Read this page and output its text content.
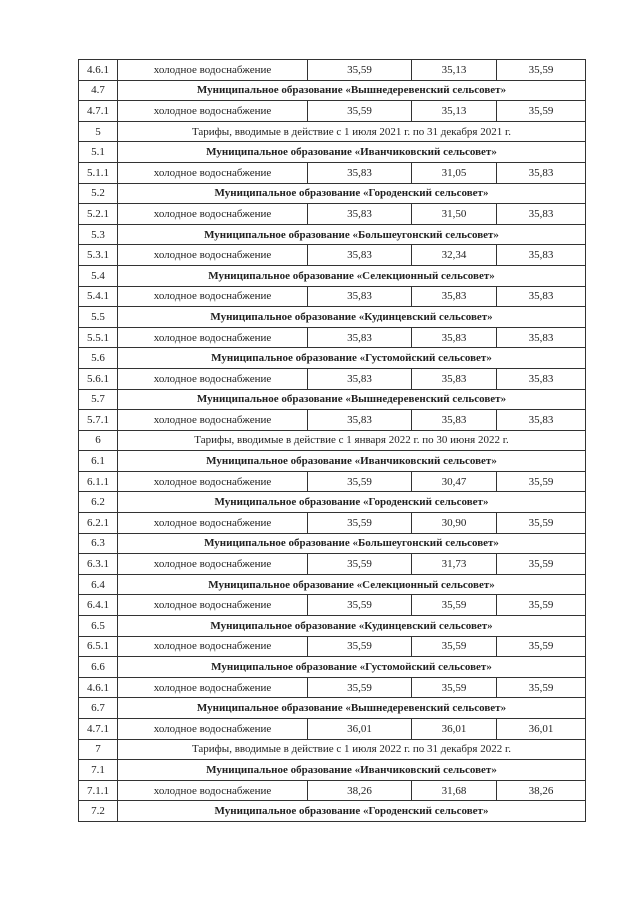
4.6.1	холодное водоснабжение	35,59	35,13	35,59
4.7	Муниципальное образование «Вышнедеревенский сельсовет»			
4.7.1	холодное водоснабжение	35,59	35,13	35,59
5	Тарифы, вводимые в действие с 1 июля 2021 г. по 31 декабря 2021 г.			
5.1	Муниципальное образование «Иванчиковский сельсовет»			
5.1.1	холодное водоснабжение	35,83	31,05	35,83
5.2	Муниципальное образование «Городенский сельсовет»			
5.2.1	холодное водоснабжение	35,83	31,50	35,83
5.3	Муниципальное образование «Большеугонский сельсовет»			
5.3.1	холодное водоснабжение	35,83	32,34	35,83
5.4	Муниципальное образование «Селекционный сельсовет»			
5.4.1	холодное водоснабжение	35,83	35,83	35,83
5.5	Муниципальное образование «Кудинцевский сельсовет»			
5.5.1	холодное водоснабжение	35,83	35,83	35,83
5.6	Муниципальное образование «Густомойский сельсовет»			
5.6.1	холодное водоснабжение	35,83	35,83	35,83
5.7	Муниципальное образование «Вышнедеревенский сельсовет»			
5.7.1	холодное водоснабжение	35,83	35,83	35,83
6	Тарифы, вводимые в действие с 1 января 2022 г. по 30 июня 2022 г.			
6.1	Муниципальное образование «Иванчиковский сельсовет»			
6.1.1	холодное водоснабжение	35,59	30,47	35,59
6.2	Муниципальное образование «Городенский сельсовет»			
6.2.1	холодное водоснабжение	35,59	30,90	35,59
6.3	Муниципальное образование «Большеугонский сельсовет»			
6.3.1	холодное водоснабжение	35,59	31,73	35,59
6.4	Муниципальное образование «Селекционный сельсовет»			
6.4.1	холодное водоснабжение	35,59	35,59	35,59
6.5	Муниципальное образование «Кудинцевский сельсовет»			
6.5.1	холодное водоснабжение	35,59	35,59	35,59
6.6	Муниципальное образование «Густомойский сельсовет»			
4.6.1	холодное водоснабжение	35,59	35,59	35,59
6.7	Муниципальное образование «Вышнедеревенский сельсовет»			
4.7.1	холодное водоснабжение	36,01	36,01	36,01
7	Тарифы, вводимые в действие с 1 июля 2022 г. по 31 декабря 2022 г.			
7.1	Муниципальное образование «Иванчиковский сельсовет»			
7.1.1	холодное водоснабжение	38,26	31,68	38,26
7.2	Муниципальное образование «Городенский сельсовет»			
